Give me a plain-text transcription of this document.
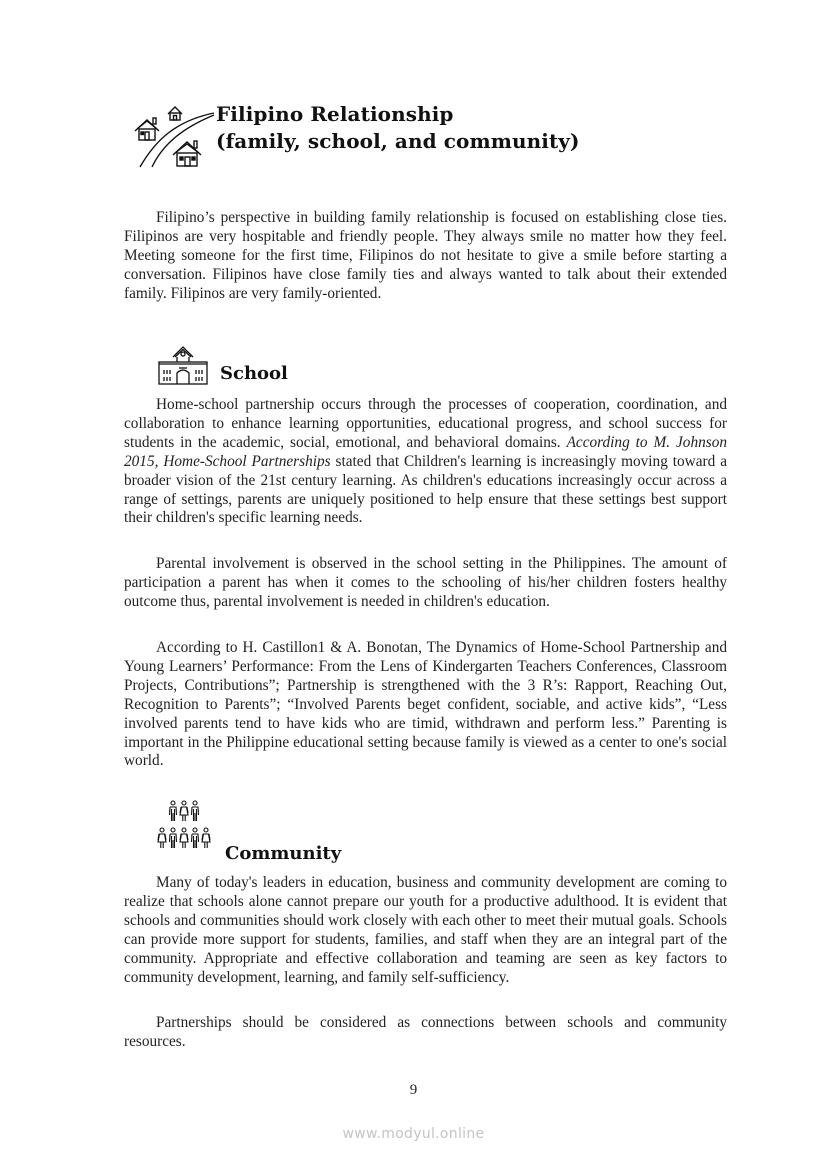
Filipino Relationship
(family, school, and community)

Filipino’s perspective in building family relationship is focused on establishing close ties. Filipinos are very hospitable and friendly people. They always smile no matter how they feel. Meeting someone for the first time, Filipinos do not hesitate to give a smile before starting a conversation. Filipinos have close family ties and always wanted to talk about their extended family. Filipinos are very family-oriented.

School

Home-school partnership occurs through the processes of cooperation, coordination, and collaboration to enhance learning opportunities, educational progress, and school success for students in the academic, social, emotional, and behavioral domains. According to M. Johnson 2015, Home-School Partnerships stated that Children's learning is increasingly moving toward a broader vision of the 21st century learning. As children's educations increasingly occur across a range of settings, parents are uniquely positioned to help ensure that these settings best support their children's specific learning needs.

Parental involvement is observed in the school setting in the Philippines. The amount of participation a parent has when it comes to the schooling of his/her children fosters healthy outcome thus, parental involvement is needed in children's education.

According to H. Castillon1 & A. Bonotan, The Dynamics of Home-School Partnership and Young Learners’ Performance: From the Lens of Kindergarten Teachers Conferences, Classroom Projects, Contributions”; Partnership is strengthened with the 3 R’s: Rapport, Reaching Out, Recognition to Parents”; “Involved Parents beget confident, sociable, and active kids”, “Less involved parents tend to have kids who are timid, withdrawn and perform less.” Parenting is important in the Philippine educational setting because family is viewed as a center to one's social world.

Community

Many of today's leaders in education, business and community development are coming to realize that schools alone cannot prepare our youth for a productive adulthood. It is evident that schools and communities should work closely with each other to meet their mutual goals. Schools can provide more support for students, families, and staff when they are an integral part of the community. Appropriate and effective collaboration and teaming are seen as key factors to community development, learning, and family self-sufficiency.

Partnerships should be considered as connections between schools and community resources.

9
www.modyul.online
